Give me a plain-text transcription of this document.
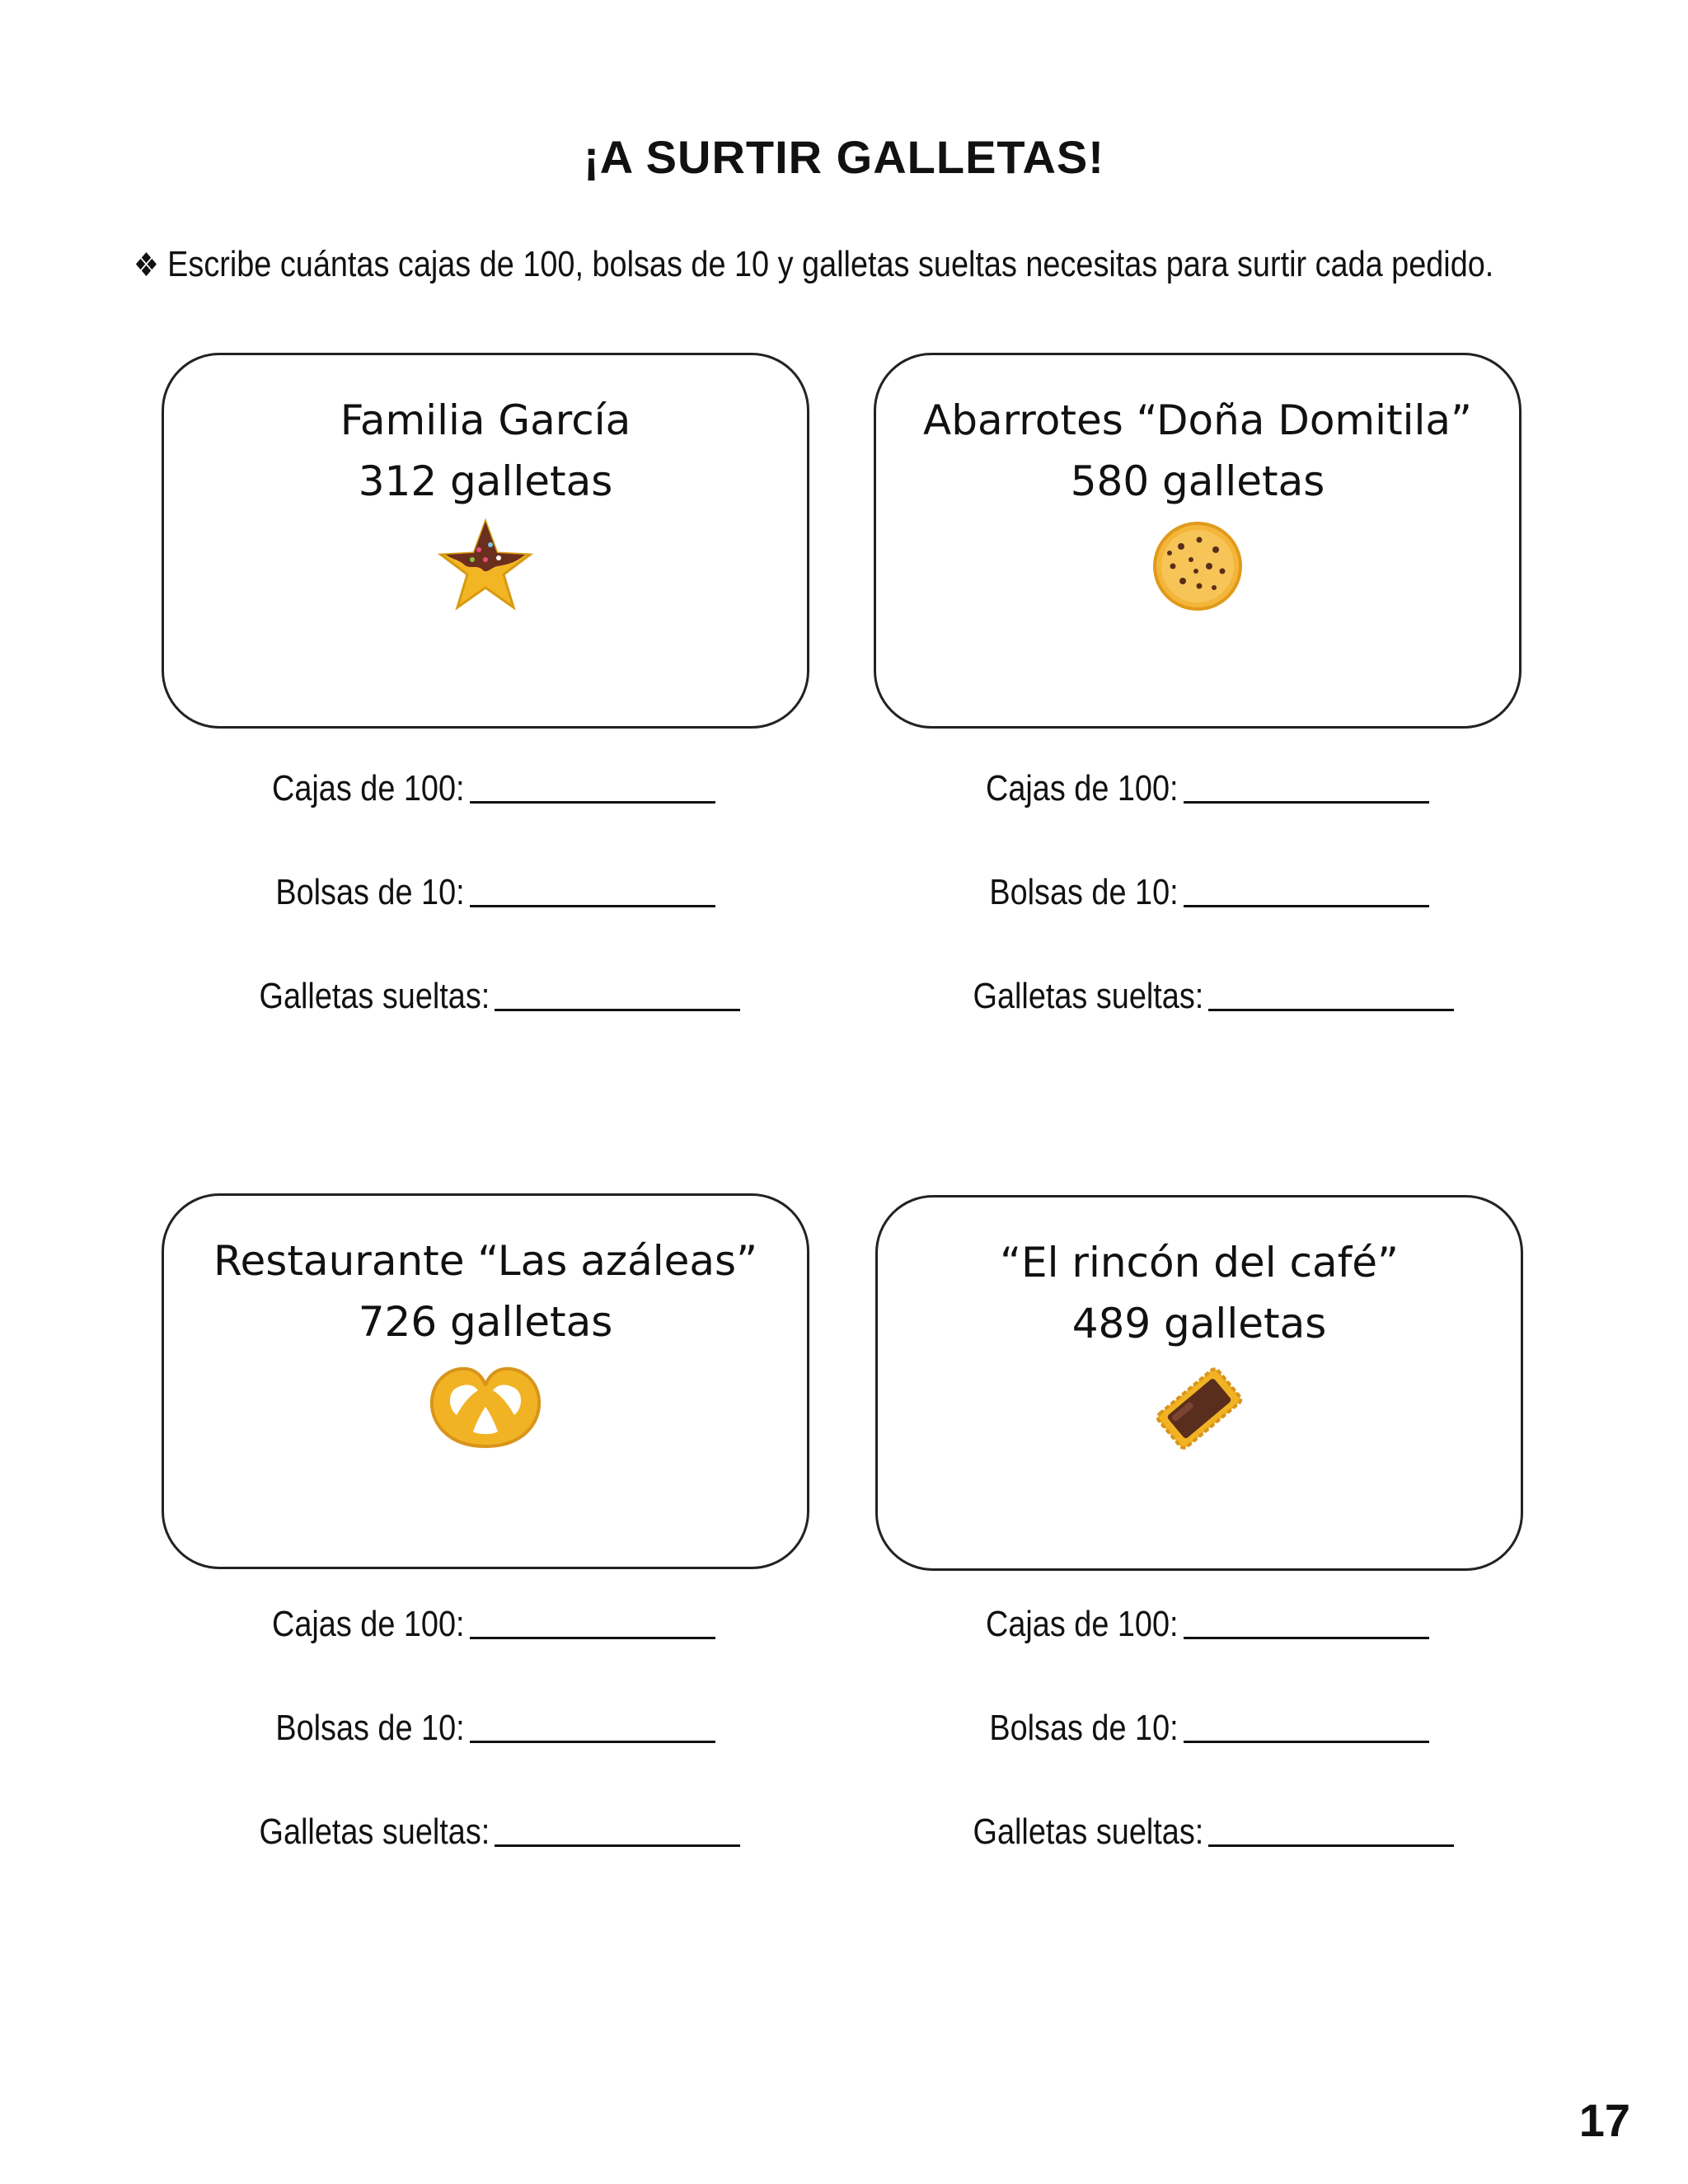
¡A SURTIR GALLETAS!
❖ Escribe cuántas cajas de 100, bolsas de 10 y galletas sueltas necesitas para surtir cada pedido.
Familia García
312 galletas
Abarrotes “Doña Domitila”
580 galletas
Restaurante “Las azáleas”
726 galletas
“El rincón del café”
489 galletas
Cajas de 100:
Bolsas de 10:
Galletas sueltas:
Cajas de 100:
Bolsas de 10:
Galletas sueltas:
Cajas de 100:
Bolsas de 10:
Galletas sueltas:
Cajas de 100:
Bolsas de 10:
Galletas sueltas:
17
